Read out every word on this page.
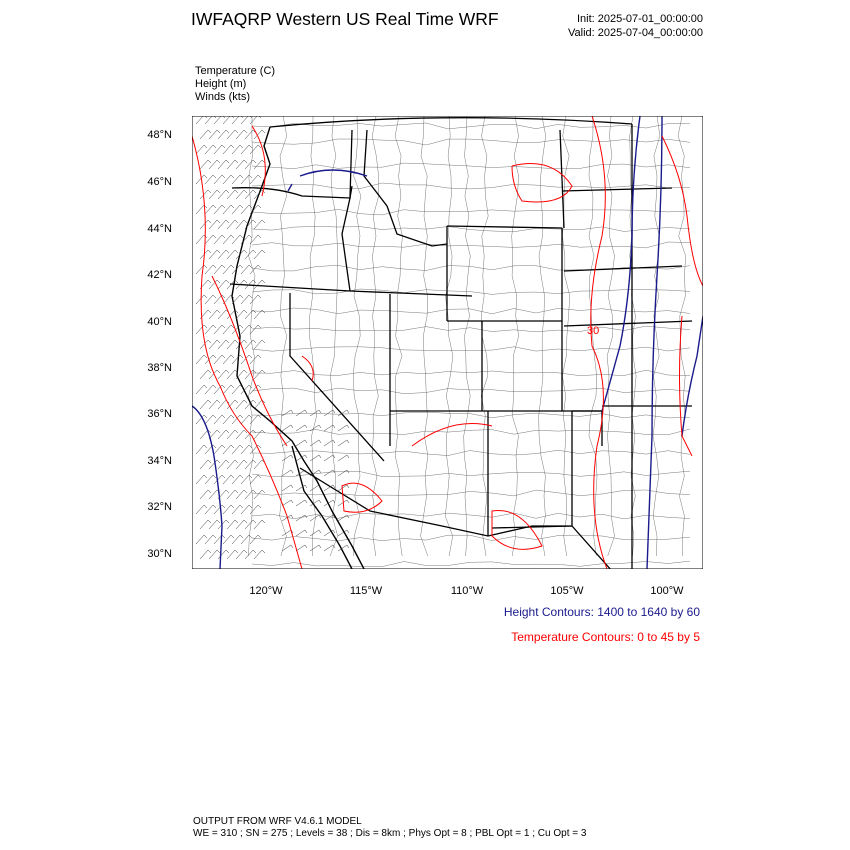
IWFAQRP Western US Real Time WRF	Init: 2025-07-01_00:00:00
Valid: 2025-07-04_00:00:00
Temperature (C)
Height (m)
Winds (kts)
48°N
46°N
44°N
42°N
40°N
38°N
36°N
34°N
32°N
30°N
120°W	115°W	110°W	105°W	100°W
30
Height Contours: 1400 to 1640 by 60
Temperature Contours: 0 to 45 by 5
OUTPUT FROM WRF V4.6.1 MODEL
WE = 310 ; SN = 275 ; Levels = 38 ; Dis = 8km ; Phys Opt = 8 ; PBL Opt = 1 ; Cu Opt = 3
